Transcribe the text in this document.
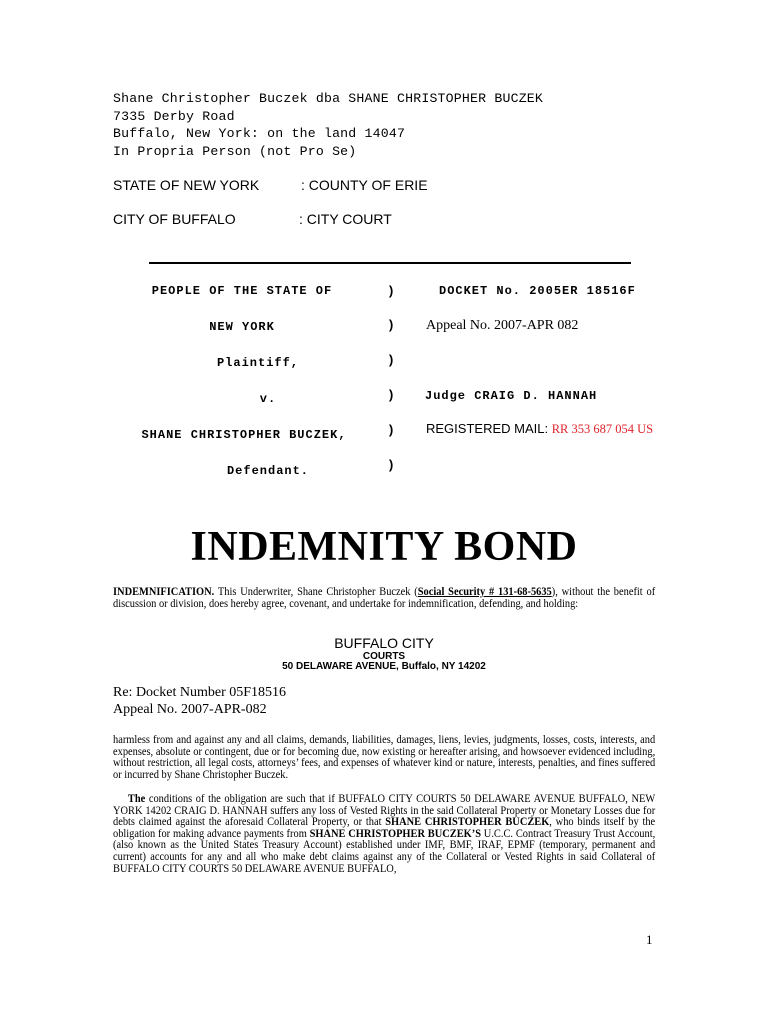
Shane Christopher Buczek dba SHANE CHRISTOPHER BUCZEK
7335 Derby Road
Buffalo, New York: on the land 14047
In Propria Person (not Pro Se)
STATE OF NEW YORK	: COUNTY OF ERIE
CITY OF BUFFALO	: CITY COURT
PEOPLE OF THE STATE OF
NEW YORK
Plaintiff,
v.
SHANE CHRISTOPHER BUCZEK,
Defendant.
)
)
)
)
)
)
DOCKET No. 2005ER 18516F
Appeal No. 2007-APR 082
Judge CRAIG D. HANNAH
REGISTERED MAIL: RR 353 687 054 US
INDEMNITY BOND
INDEMNIFICATION. This Underwriter, Shane Christopher Buczek (Social Security # 131-68-5635), without the benefit of discussion or division, does hereby agree, covenant, and undertake for indemnification, defending, and holding:
BUFFALO CITY
COURTS
50 DELAWARE AVENUE, Buffalo, NY 14202
Re: Docket Number 05F18516
Appeal No. 2007-APR-082
harmless from and against any and all claims, demands, liabilities, damages, liens, levies, judgments, losses, costs, interests, and expenses, absolute or contingent, due or for becoming due, now existing or hereafter arising, and howsoever evidenced including, without restriction, all legal costs, attorneys’ fees, and expenses of whatever kind or nature, interests, penalties, and fines suffered or incurred by Shane Christopher Buczek.
The conditions of the obligation are such that if BUFFALO CITY COURTS 50 DELAWARE AVENUE BUFFALO, NEW YORK 14202 CRAIG D. HANNAH suffers any loss of Vested Rights in the said Collateral Property or Monetary Losses due for debts claimed against the aforesaid Collateral Property, or that SHANE CHRISTOPHER BUCZEK, who binds itself by the obligation for making advance payments from SHANE CHRISTOPHER BUCZEK’S U.C.C. Contract Treasury Trust Account, (also known as the United States Treasury Account) established under IMF, BMF, IRAF, EPMF (temporary, permanent and current) accounts for any and all who make debt claims against any of the Collateral or Vested Rights in said Collateral of BUFFALO CITY COURTS 50 DELAWARE AVENUE BUFFALO,
1
